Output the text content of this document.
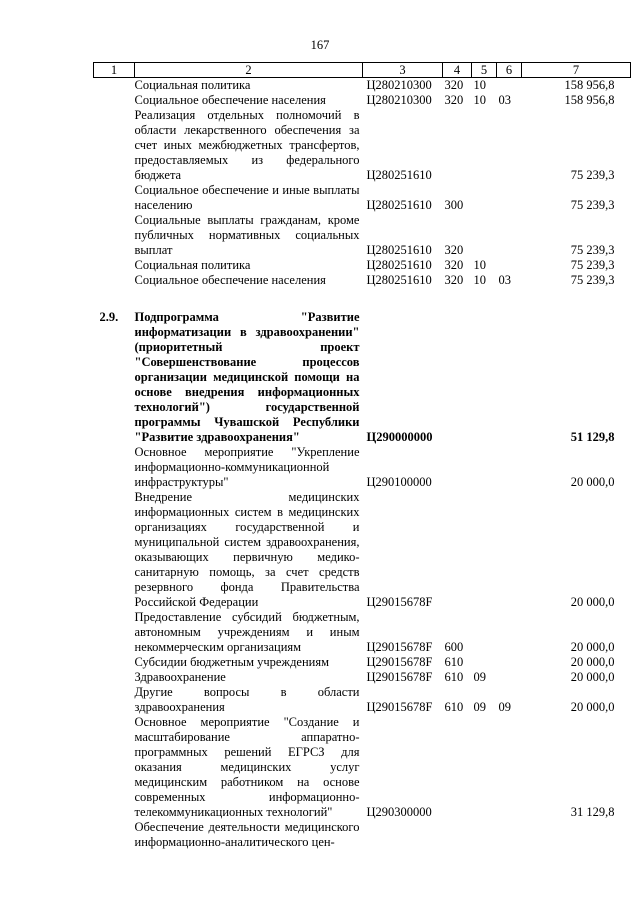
167
1	2	3	4	5	6	7
	Социальная политика	Ц280210300	320	10		158 956,8
	Социальное обеспечение населения	Ц280210300	320	10	03	158 956,8
	Реализация отдельных полномочий в области лекарственного обеспечения за счет иных межбюджетных трансфертов, предоставляемых из федерального бюджета	Ц280251610				75 239,3
	Социальное обеспечение и иные выплаты населению	Ц280251610	300			75 239,3
	Социальные выплаты гражданам, кроме публичных нормативных социальных выплат	Ц280251610	320			75 239,3
	Социальная политика	Ц280251610	320	10		75 239,3
	Социальное обеспечение населения	Ц280251610	320	10	03	75 239,3

2.9.	Подпрограмма "Развитие информатизации в здравоохранении" (приоритетный проект "Совершенствование процессов организации медицинской помощи на основе внедрения информационных технологий") государственной программы Чувашской Республики "Развитие здравоохранения"	Ц290000000				51 129,8
	Основное мероприятие "Укрепление информационно-коммуникационной инфраструктуры"	Ц290100000				20 000,0
	Внедрение медицинских информационных систем в медицинских организациях государственной и муниципальной систем здравоохранения, оказывающих первичную медико-санитарную помощь, за счет средств резервного фонда Правительства Российской Федерации	Ц29015678F				20 000,0
	Предоставление субсидий бюджетным, автономным учреждениям и иным некоммерческим организациям	Ц29015678F	600			20 000,0
	Субсидии бюджетным учреждениям	Ц29015678F	610			20 000,0
	Здравоохранение	Ц29015678F	610	09		20 000,0
	Другие вопросы в области здравоохранения	Ц29015678F	610	09	09	20 000,0
	Основное мероприятие "Создание и масштабирование аппаратно-программных решений ЕГРСЗ для оказания медицинских услуг медицинским работником на основе современных информационно-телекоммуникационных технологий"	Ц290300000				31 129,8
	Обеспечение деятельности медицинского информационно-аналитического цен-					
